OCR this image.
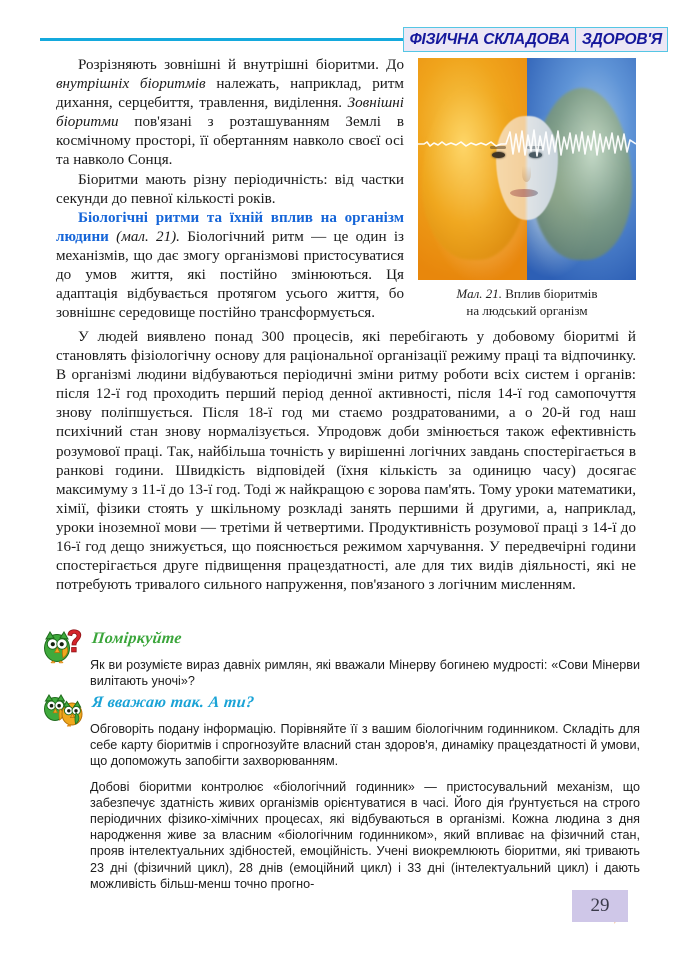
ФІЗИЧНА СКЛАДОВА ЗДОРОВ'Я
Мал. 21. Вплив біоритмів
на людський організм

Розрізняють зовнішні й внутрішні біоритми. До внутрішніх біоритмів належать, наприклад, ритм дихання, серцебиття, травлення, виділення. Зовнішні біоритми пов'язані з розташуванням Землі в космічному просторі, її обертанням навколо своєї осі та навколо Сонця.

Біоритми мають різну періодичність: від частки секунди до певної кількості років.

Біологічні ритми та їхній вплив на організм людини (мал. 21). Біологічний ритм — це один із механізмів, що дає змогу організмові пристосуватися до умов життя, які постійно змінюються. Ця адаптація відбувається протягом усього життя, бо зовнішнє середовище постійно трансформується.

У людей виявлено понад 300 процесів, які перебігають у добовому біоритмі й становлять фізіологічну основу для раціональної організації режиму праці та відпочинку. В організмі людини відбуваються періодичні зміни ритму роботи всіх систем і органів: після 12-ї год проходить перший період денної активності, після 14-ї год самопочуття знову поліпшується. Після 18-ї год ми стаємо роздратованими, а о 20-й год наш психічний стан знову нормалізується. Упродовж доби змінюється також ефективність розумової праці. Так, найбільша точність у вирішенні логічних завдань спостерігається в ранкові години. Швидкість відповідей (їхня кількість за одиницю часу) досягає максимуму з 11-ї до 13-ї год. Тоді ж найкращою є зорова пам'ять. Тому уроки математики, хімії, фізики стоять у шкільному розкладі занять першими й другими, а, наприклад, уроки іноземної мови — третіми й четвертими. Продуктивність розумової праці з 14-ї до 16-ї год дещо знижується, що пояснюється режимом харчування. У передвечірні години спостерігається друге підвищення працездатності, але для тих видів діяльності, які не потребують тривалого сильного напруження, пов'язаного з логічним мисленням.

Поміркуйте

Як ви розумієте вираз давніх римлян, які вважали Мінерву богинею мудрості: «Сови Мінерви вилітають уночі»?

Я вважаю так. А ти?

Обговоріть подану інформацію. Порівняйте її з вашим біологічним годинником. Складіть для себе карту біоритмів і спрогнозуйте власний стан здоров'я, динаміку працездатності й умови, що допоможуть запобігти захворюванням.

Добові біоритми контролює «біологічний годинник» — пристосувальний механізм, що забезпечує здатність живих організмів орієнтуватися в часі. Його дія ґрунтується на строго періодичних фізико-хімічних процесах, які відбуваються в організмі. Кожна людина з дня народження живе за власним «біологічним годинником», який впливає на фізичний стан, прояв інтелектуальних здібностей, емоційність. Учені виокремлюють біоритми, які тривають 23 дні (фізичний цикл), 28 днів (емоційний цикл) і 33 дні (інтелектуальний цикл) і дають можливість більш-менш точно прогно-

29
